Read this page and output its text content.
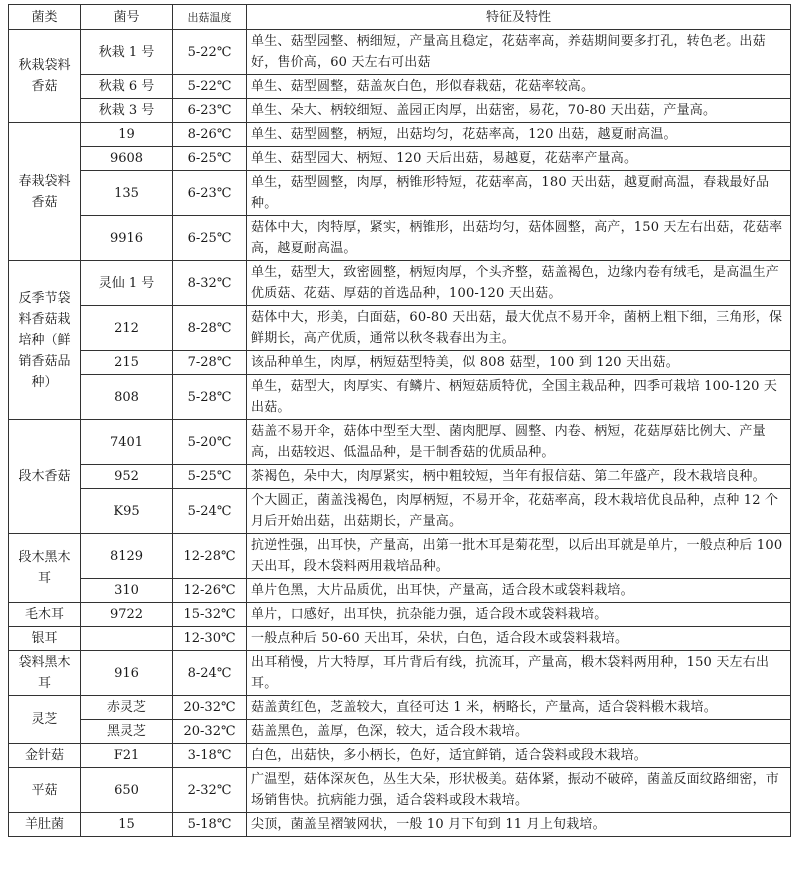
菌类	菌号	出菇温度	特征及特性
秋栽袋料香菇	秋栽 1 号	5-22℃	单生、菇型园整、柄细短，产量高且稳定，花菇率高，养菇期间要多打孔，转色老。出菇好，售价高，60 天左右可出菇
	秋栽 6 号	5-22℃	单生、菇型圆整，菇盖灰白色，形似春栽菇，花菇率较高。
	秋栽 3 号	6-23℃	单生、朵大、柄较细短、盖园正肉厚，出菇密，易花，70-80 天出菇，产量高。
春栽袋料香菇	19	8-26℃	单生、菇型圆整，柄短，出菇均匀，花菇率高，120 出菇，越夏耐高温。
	9608	6-25℃	单生、菇型园大、柄短、120 天后出菇，易越夏，花菇率产量高。
	135	6-23℃	单生，菇型圆整，肉厚，柄锥形特短，花菇率高，180 天出菇，越夏耐高温，春栽最好品种。
	9916	6-25℃	菇体中大，肉特厚，紧实，柄锥形，出菇均匀，菇体圆整，高产，150 天左右出菇，花菇率高，越夏耐高温。
反季节袋料香菇栽培种（鲜销香菇品种）	灵仙 1 号	8-32℃	单生，菇型大，致密圆整，柄短肉厚，个头齐整，菇盖褐色，边缘内卷有绒毛，是高温生产优质菇、花菇、厚菇的首选品种，100-120 天出菇。
	212	8-28℃	菇体中大，形美，白面菇，60-80 天出菇，最大优点不易开伞，菌柄上粗下细，三角形，保鲜期长，高产优质，通常以秋冬栽春出为主。
	215	7-28℃	该品种单生，肉厚，柄短菇型特美，似 808 菇型，100 到 120 天出菇。
	808	5-28℃	单生，菇型大，肉厚实、有鳞片、柄短菇质特优，全国主栽品种，四季可栽培 100-120 天出菇。
段木香菇	7401	5-20℃	菇盖不易开伞，菇体中型至大型、菌肉肥厚、圆整、内卷、柄短，花菇厚菇比例大、产量高，出菇较迟、低温品种，是干制香菇的优质品种。
	952	5-25℃	茶褐色，朵中大，肉厚紧实，柄中粗较短，当年有报信菇、第二年盛产，段木栽培良种。
	K95	5-24℃	个大圆正，菌盖浅褐色，肉厚柄短，不易开伞，花菇率高，段木栽培优良品种，点种 12 个月后开始出菇，出菇期长，产量高。
段木黑木耳	8129	12-28℃	抗逆性强，出耳快，产量高，出第一批木耳是菊花型，以后出耳就是单片，一般点种后 100 天出耳，段木袋料两用栽培品种。
	310	12-26℃	单片色黑，大片品质优，出耳快，产量高，适合段木或袋料栽培。
毛木耳	9722	15-32℃	单片，口感好，出耳快，抗杂能力强，适合段木或袋料栽培。
银耳		12-30℃	一般点种后 50-60 天出耳，朵状，白色，适合段木或袋料栽培。
袋料黑木耳	916	8-24℃	出耳稍慢，片大特厚，耳片背后有线，抗流耳，产量高，椴木袋料两用种，150 天左右出耳。
灵芝	赤灵芝	20-32℃	菇盖黄红色，芝盖较大，直径可达 1 米，柄略长，产量高，适合袋料椴木栽培。
	黑灵芝	20-32℃	菇盖黑色，盖厚，色深，较大，适合段木栽培。
金针菇	F21	3-18℃	白色，出菇快，多小柄长，色好，适宜鲜销，适合袋料或段木栽培。
平菇	650	2-32℃	广温型，菇体深灰色，丛生大朵，形状极美。菇体紧，振动不破碎，菌盖反面纹路细密，市场销售快。抗病能力强，适合袋料或段木栽培。
羊肚菌	15	5-18℃	尖顶，菌盖呈褶皱网状，一般 10 月下旬到 11 月上旬栽培。
